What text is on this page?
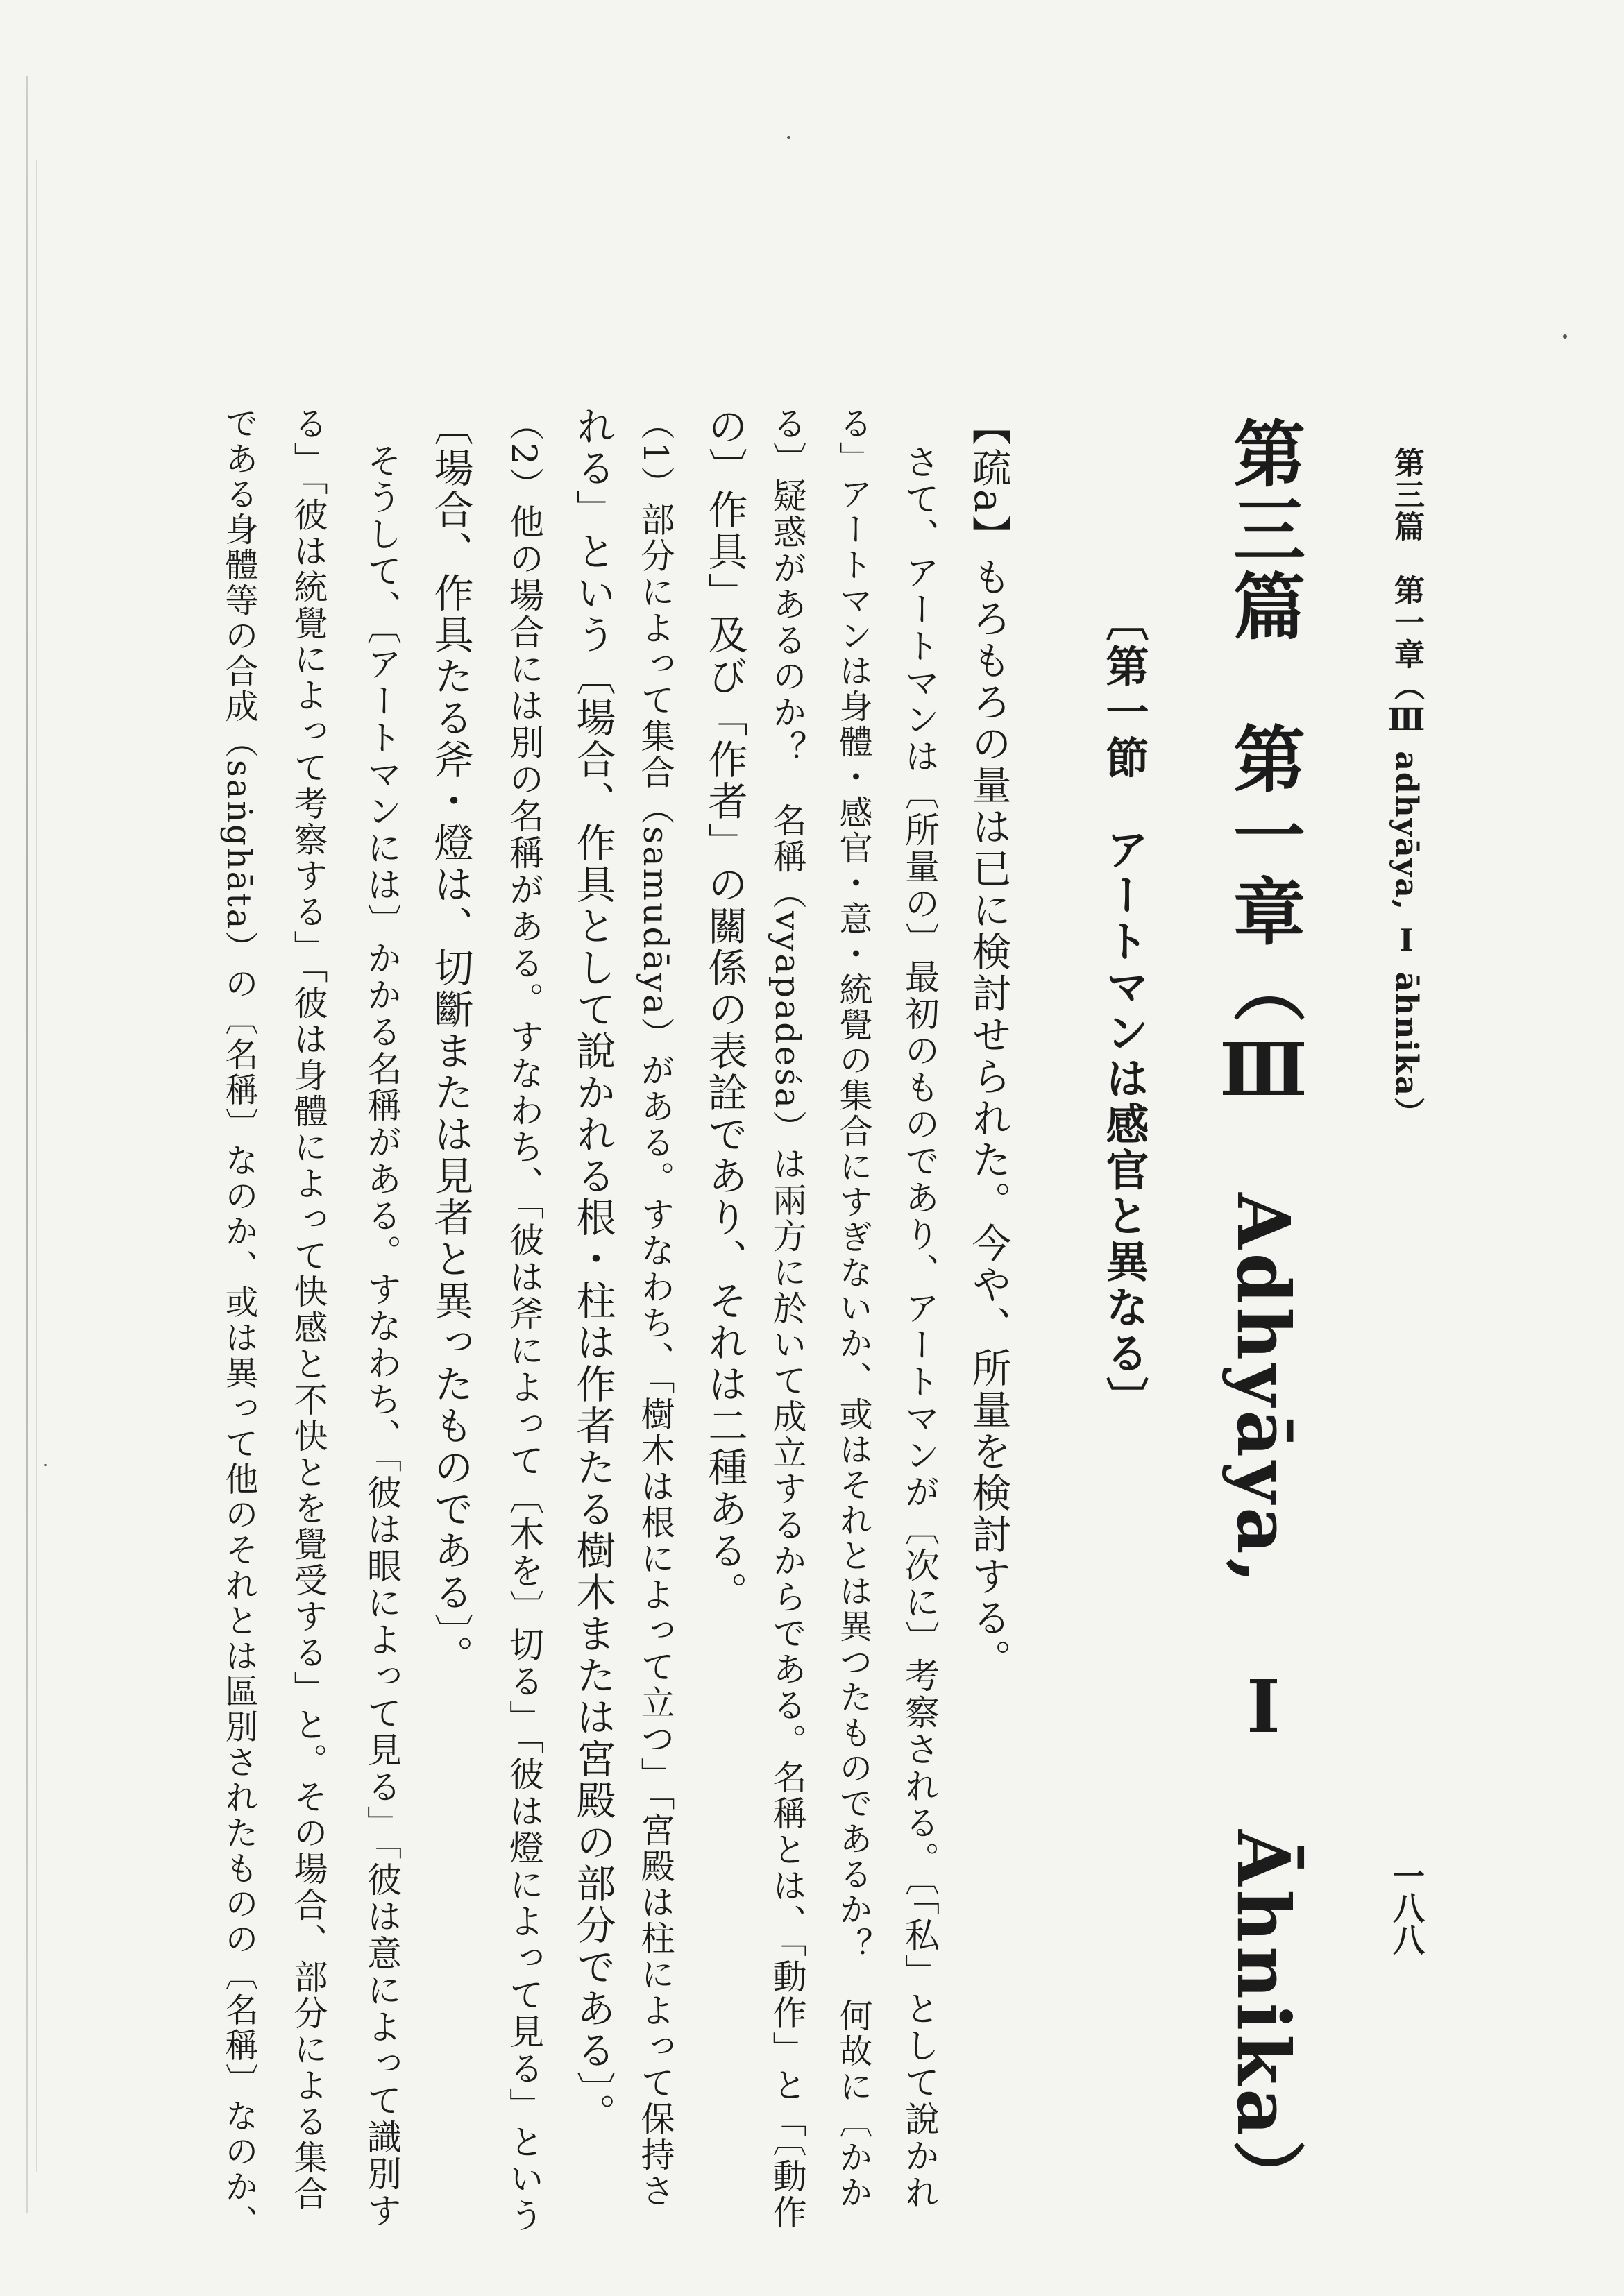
第三篇　第一章（Ⅲ adhyāya, Ⅰ āhnika）
一八八
第三篇　第一章（Ⅲ　Adhyāya,　Ⅰ　Āhnika）
〔第一節　アートマンは感官と異なる〕
【疏a】もろもろの量は已に検討せられた。今や、所量を検討する。
さて、アートマンは〔所量の〕最初のものであり、アートマンが〔次に〕考察される。〔「私」として說かれ
る」アートマンは身體・感官・意・統覺の集合にすぎないか、或はそれとは異つたものであるか？　何故に〔かか
る〕疑惑があるのか？　名稱（vyapadeśa）は兩方に於いて成立するからである。名稱とは、「動作」と「〔動作
の〕作具」及び「作者」の關係の表詮であり、それは二種ある。
（1）部分によって集合（samudāya）がある。すなわち、「樹木は根によって立つ」「宮殿は柱によって保持さ
れる」という〔場合、作具として說かれる根・柱は作者たる樹木または宮殿の部分である〕。
（2）他の場合には別の名稱がある。すなわち、「彼は斧によって〔木を〕切る」「彼は燈によって見る」という
〔場合、作具たる斧・燈は、切斷または見者と異ったものである〕。
　そうして、〔アートマンには〕かかる名稱がある。すなわち、「彼は眼によって見る」「彼は意によって識別す
る」「彼は統覺によって考察する」「彼は身體によって快感と不快とを覺受する」と。その場合、部分による集合
である身體等の合成（saṅghāta）の〔名稱〕なのか、或は異って他のそれとは區別されたものの〔名稱〕なのか、
